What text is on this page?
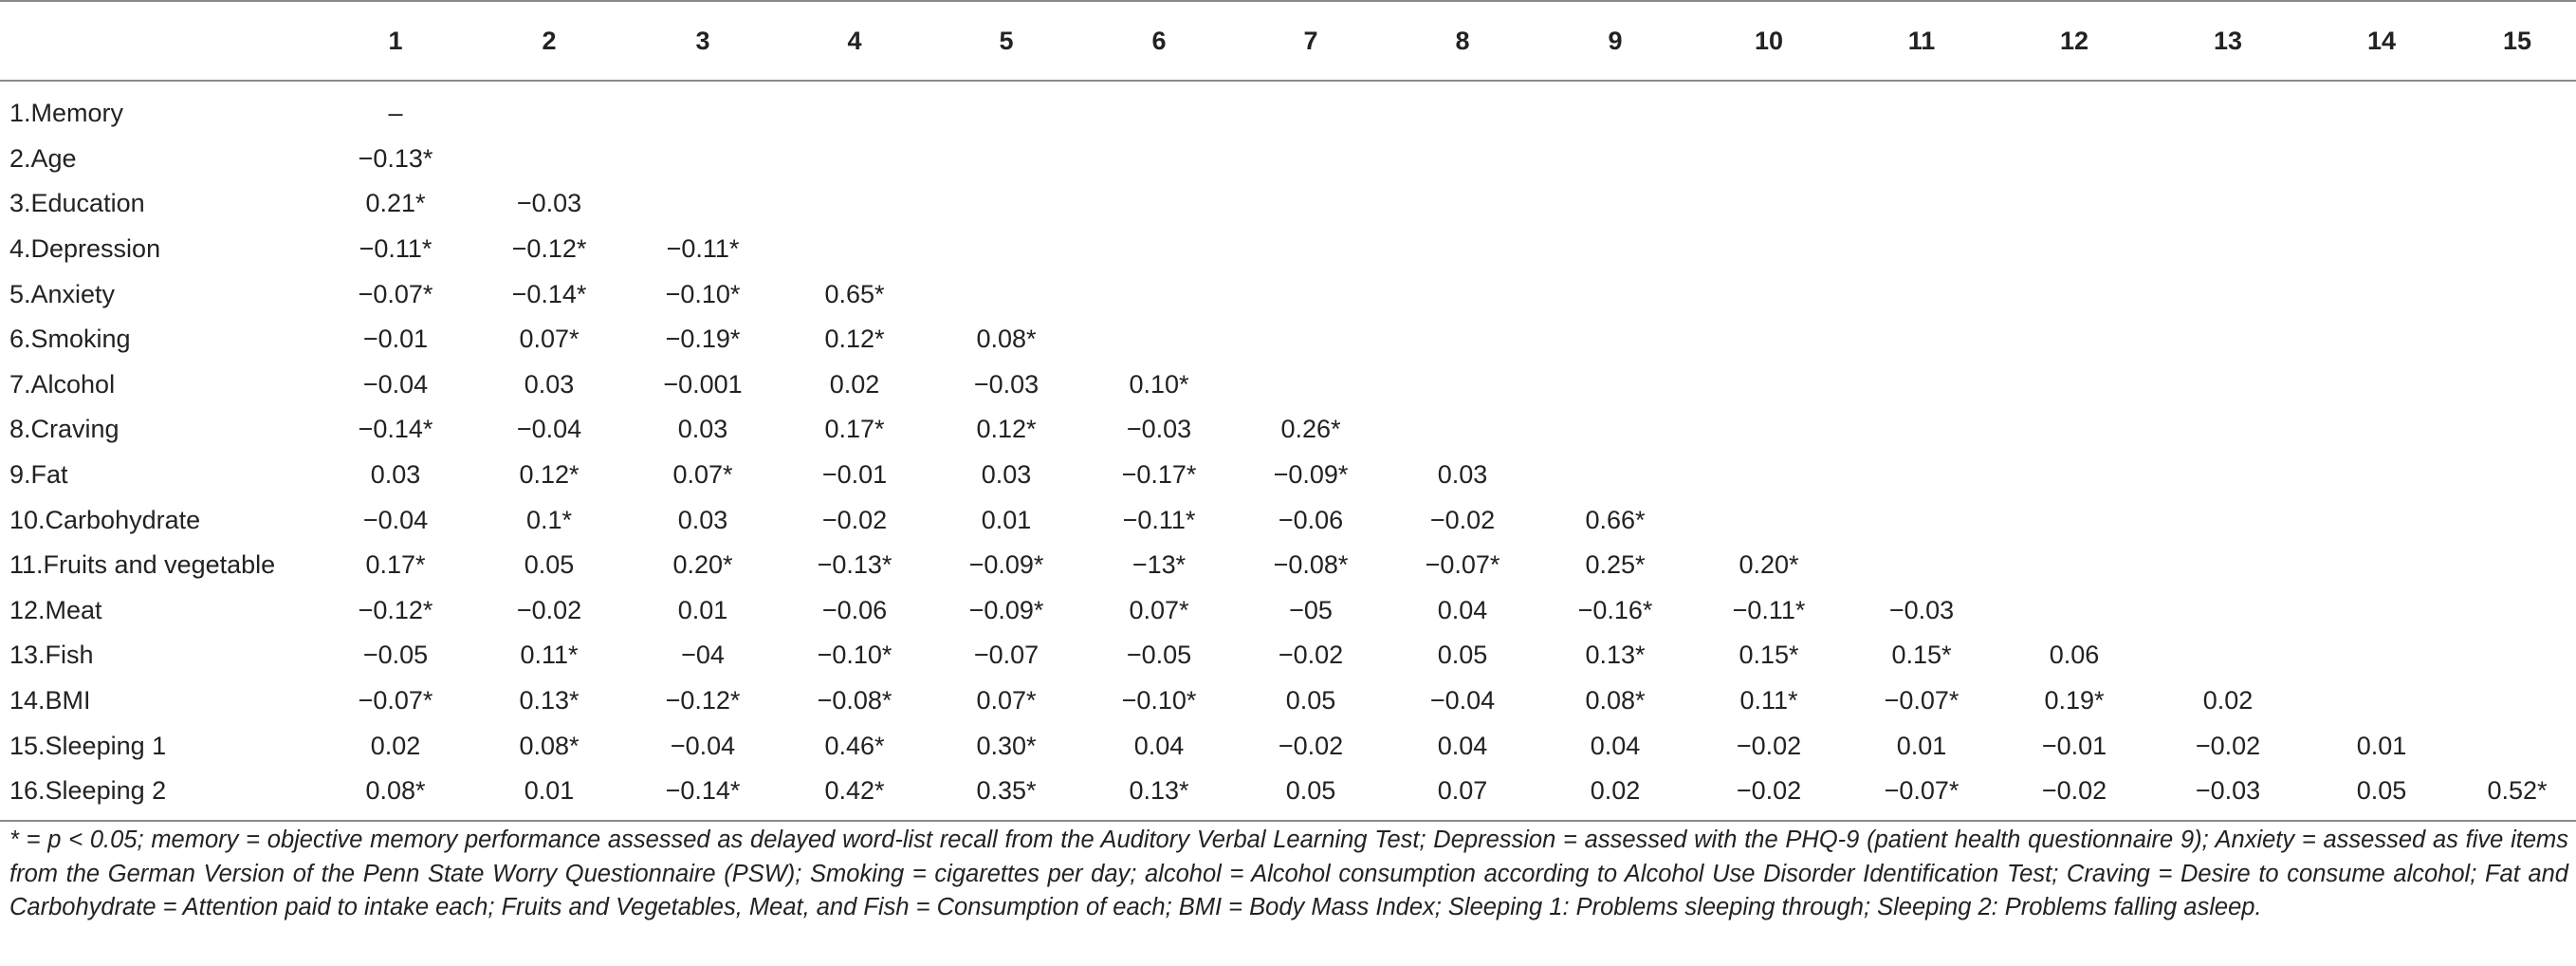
	1	2	3	4	5	6	7	8	9	10	11	12	13	14	15
1.Memory	–														
2.Age	−0.13*														
3.Education	0.21*	−0.03													
4.Depression	−0.11*	−0.12*	−0.11*												
5.Anxiety	−0.07*	−0.14*	−0.10*	0.65*											
6.Smoking	−0.01	0.07*	−0.19*	0.12*	0.08*										
7.Alcohol	−0.04	0.03	−0.001	0.02	−0.03	0.10*									
8.Craving	−0.14*	−0.04	0.03	0.17*	0.12*	−0.03	0.26*								
9.Fat	0.03	0.12*	0.07*	−0.01	0.03	−0.17*	−0.09*	0.03							
10.Carbohydrate	−0.04	0.1*	0.03	−0.02	0.01	−0.11*	−0.06	−0.02	0.66*						
11.Fruits and vegetable	0.17*	0.05	0.20*	−0.13*	−0.09*	−13*	−0.08*	−0.07*	0.25*	0.20*					
12.Meat	−0.12*	−0.02	0.01	−0.06	−0.09*	0.07*	−05	0.04	−0.16*	−0.11*	−0.03				
13.Fish	−0.05	0.11*	−04	−0.10*	−0.07	−0.05	−0.02	0.05	0.13*	0.15*	0.15*	0.06			
14.BMI	−0.07*	0.13*	−0.12*	−0.08*	0.07*	−0.10*	0.05	−0.04	0.08*	0.11*	−0.07*	0.19*	0.02		
15.Sleeping 1	0.02	0.08*	−0.04	0.46*	0.30*	0.04	−0.02	0.04	0.04	−0.02	0.01	−0.01	−0.02	0.01	
16.Sleeping 2	0.08*	0.01	−0.14*	0.42*	0.35*	0.13*	0.05	0.07	0.02	−0.02	−0.07*	−0.02	−0.03	0.05	0.52*

* = p < 0.05; memory = objective memory performance assessed as delayed word-list recall from the Auditory Verbal Learning Test; Depression = assessed with the PHQ-9 (patient health questionnaire 9); Anxiety = assessed as five items from the German Version of the Penn State Worry Questionnaire (PSW); Smoking = cigarettes per day; alcohol = Alcohol consumption according to Alcohol Use Disorder Identification Test; Craving = Desire to consume alcohol; Fat and Carbohydrate = Attention paid to intake each; Fruits and Vegetables, Meat, and Fish = Consumption of each; BMI = Body Mass Index; Sleeping 1: Problems sleeping through; Sleeping 2: Problems falling asleep.
